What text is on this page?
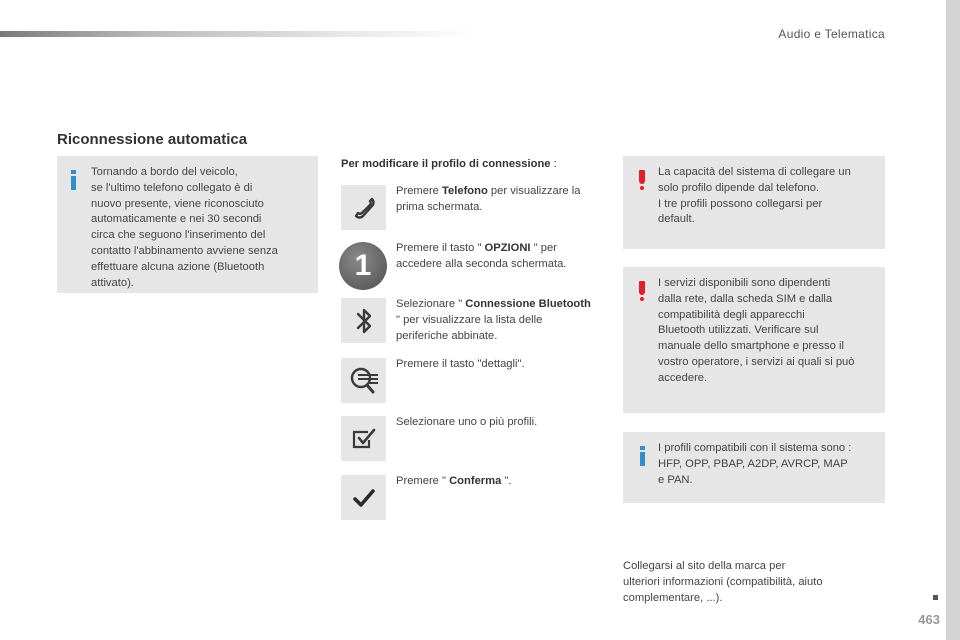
Audio e Telematica
Riconnessione automatica

Tornando a bordo del veicolo,
se l'ultimo telefono collegato è di
nuovo presente, viene riconosciuto
automaticamente e nei 30 secondi
circa che seguono l'inserimento del
contatto l'abbinamento avviene senza
effettuare alcuna azione (Bluetooth
attivato).

Per modificare il profilo di connessione :
Premere Telefono per visualizzare la prima schermata.
1
Premere il tasto " OPZIONI " per accedere alla seconda schermata.
Selezionare " Connessione Bluetooth " per visualizzare la lista delle periferiche abbinate.
Premere il tasto "dettagli".
Selezionare uno o più profili.
Premere " Conferma ".

La capacità del sistema di collegare un
solo profilo dipende dal telefono.
I tre profili possono collegarsi per
default.

I servizi disponibili sono dipendenti
dalla rete, dalla scheda SIM e dalla
compatibilità degli apparecchi
Bluetooth utilizzati. Verificare sul
manuale dello smartphone e presso il
vostro operatore, i servizi ai quali si può
accedere.

I profili compatibili con il sistema sono :
HFP, OPP, PBAP, A2DP, AVRCP, MAP
e PAN.

Collegarsi al sito della marca per
ulteriori informazioni (compatibilità, aiuto
complementare, ...).
463
